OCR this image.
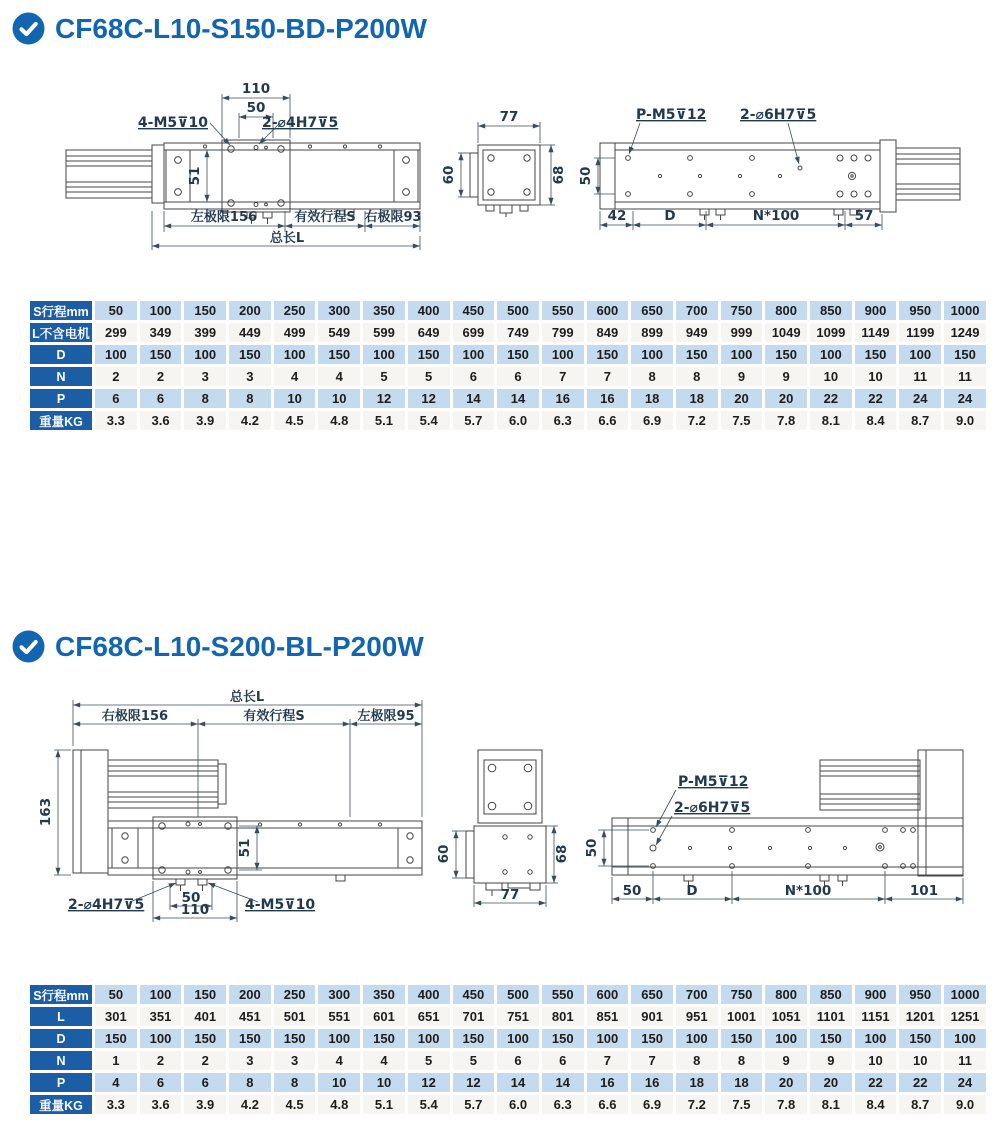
CF68C-L10-S150-BD-P200W
110
50
4-M5⊽10	2-⌀4H7⊽5
51
左极限156	有效行程S 右极限93
总长L
77
60	68
P-M5⊽12 2-⌀6H7⊽5
50
42	D	N*100	57
S行程mm	50	100	150	200	250	300	350	400	450	500	550	600	650	700	750	800	850	900	950	1000
L不含电机	299	349	399	449	499	549	599	649	699	749	799	849	899	949	999	1049	1099	1149	1199	1249
D	100	150	100	150	100	150	100	150	100	150	100	150	100	150	100	150	100	150	100	150
N	2	2	3	3	4	4	5	5	6	6	7	7	8	8	9	9	10	10	11	11
P	6	6	8	8	10	10	12	12	14	14	16	16	18	18	20	20	22	22	24	24
重量KG	3.3	3.6	3.9	4.2	4.5	4.8	5.1	5.4	5.7	6.0	6.3	6.6	6.9	7.2	7.5	7.8	8.1	8.4	8.7	9.0
CF68C-L10-S200-BL-P200W
总长L
右极限156	有效行程S	左极限95
163
51
2-⌀4H7⊽5	4-M5⊽10
50
110
60	68
77
P-M5⊽12
2-⌀6H7⊽5
50
50	D	N*100	101
S行程mm	50	100	150	200	250	300	350	400	450	500	550	600	650	700	750	800	850	900	950	1000
L	301	351	401	451	501	551	601	651	701	751	801	851	901	951	1001	1051	1101	1151	1201	1251
D	150	100	150	150	150	100	150	100	150	100	150	100	150	100	150	100	150	100	150	100
N	1	2	2	3	3	4	4	5	5	6	6	7	7	8	8	9	9	10	10	11
P	4	6	6	8	8	10	10	12	12	14	14	16	16	18	18	20	20	22	22	24
重量KG	3.3	3.6	3.9	4.2	4.5	4.8	5.1	5.4	5.7	6.0	6.3	6.6	6.9	7.2	7.5	7.8	8.1	8.4	8.7	9.0
